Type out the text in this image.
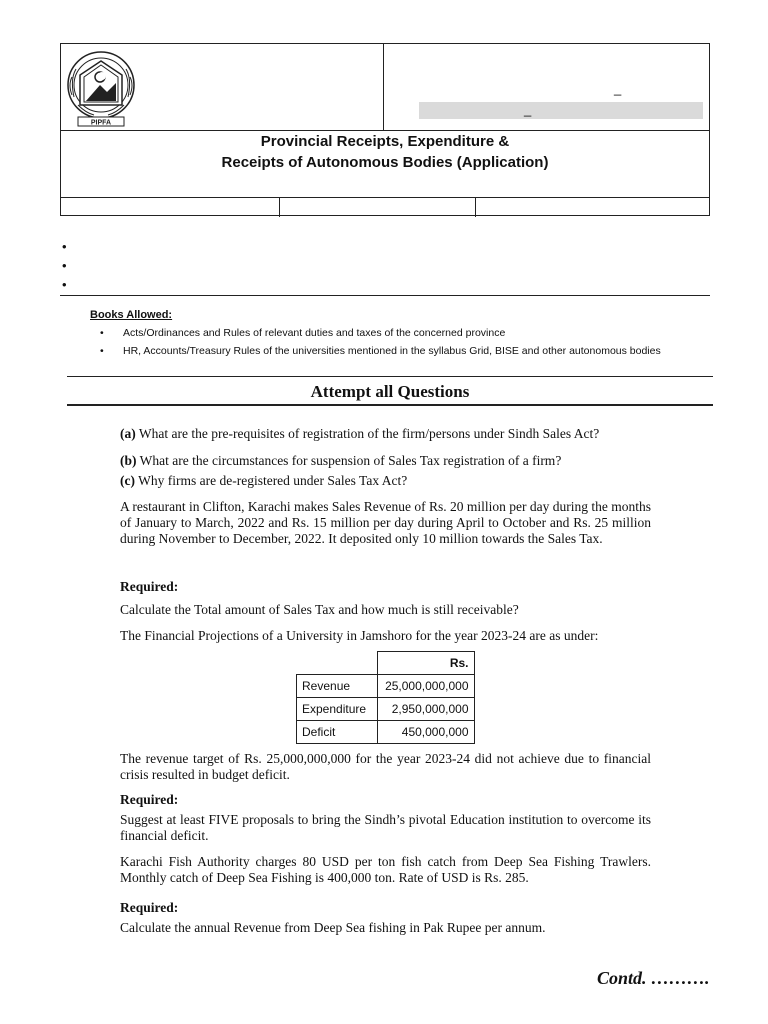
PIPFA
_
_
Provincial Receipts, Expenditure &
Receipts of Autonomous Bodies (Application)
•
•
•
Books Allowed:
• Acts/Ordinances and Rules of relevant duties and taxes of the concerned province
• HR, Accounts/Treasury Rules of the universities mentioned in the syllabus Grid, BISE and other autonomous bodies
Attempt all Questions
(a) What are the pre-requisites of registration of the firm/persons under Sindh Sales Act?
(b) What are the circumstances for suspension of Sales Tax registration of a firm?
(c) Why firms are de-registered under Sales Tax Act?
A restaurant in Clifton, Karachi makes Sales Revenue of Rs. 20 million per day during the months of January to March, 2022 and Rs. 15 million per day during April to October and Rs. 25 million during November to December, 2022. It deposited only 10 million towards the Sales Tax.
Required:
Calculate the Total amount of Sales Tax and how much is still receivable?
The Financial Projections of a University in Jamshoro for the year 2023-24 are as under:
	Rs.
Revenue	25,000,000,000
Expenditure	2,950,000,000
Deficit	450,000,000
The revenue target of Rs. 25,000,000,000 for the year 2023-24 did not achieve due to financial crisis resulted in budget deficit.
Required:
Suggest at least FIVE proposals to bring the Sindh’s pivotal Education institution to overcome its financial deficit.
Karachi Fish Authority charges 80 USD per ton fish catch from Deep Sea Fishing Trawlers. Monthly catch of Deep Sea Fishing is 400,000 ton. Rate of USD is Rs. 285.
Required:
Calculate the annual Revenue from Deep Sea fishing in Pak Rupee per annum.
Contd. ……….
